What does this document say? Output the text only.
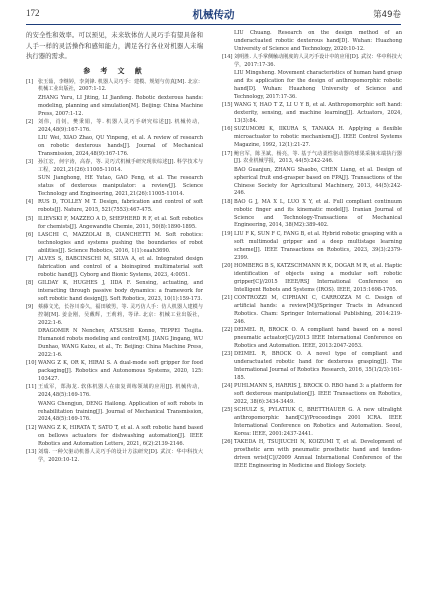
172	机械传动	第49卷

的安全性和效率。可以预见，未来软体仿人灵巧手有望具备和人手一样的灵活操作和感知能力，满足各行各业对机器人末端执行器的需求。

参 考 文 献
[1] 张玉茹，李继婷，李剑锋. 机器人灵巧手：建模、规划与仿真[M]. 北京：机械工业出版社，2007:1-12.
ZHANG Yuru, LI Jiting, LI Jianfeng. Robotic dexterous hands: modeling, planning and simulation[M]. Beijing: China Machine Press, 2007:1-12.
[2] 刘伟，肖钊，樊秉娟，等. 机器人灵巧手研究综述[J]. 机械传动，2024,48(9):167-176.
LIU Wei, XIAO Zhao, QU Yinpeng, et al. A review of research on robotic dexterous hands[J]. Journal of Mechanical Transmission, 2024,48(9):167-176.
[3] 孙江宏，何宇涛，高春，等. 灵巧式机械手研究现状综述[J]. 科学技术与工程，2021,21(26):11005-11014.
SUN Jianghong, HE Yutao, GAO Feng, et al. The research status of dexterous manipulator: a review[J]. Science Technology and Engineering, 2021,21(26):11005-11014.
[4] RUS D, TOLLEY M T. Design, fabrication and control of soft robots[J]. Nature, 2015, 521(7553):467-475.
[5] ILIEVSKI F, MAZZEO A D, SHEPHERD R F, et al. Soft robotics for chemists[J]. Angewandte Chemie, 2011, 50(8):1890-1895.
[6] LASCHI C, MAZZOLAI B, CIANCHETTI M. Soft robotics: technologies and systems pushing the boundaries of robot abilities[J]. Science Robotics, 2016, 1(1):eaah3690.
[7] ALVES S, BABCINSCHI M, SILVA A, et al. Integrated design fabrication and control of a bioinspired multimaterial soft robotic hand[J]. Cyborg and Bionic Systems, 2023, 4:0051.
[8] GILDAY K, HUGHES J, IIDA F. Sensing, actuating, and interacting through passive body dynamics: a framework for soft robotic hand design[J]. Soft Robotics, 2023, 10(1):159-173.
[9] 蔡藤文光，长谷川泰久，福田敏男，等. 灵巧仿人手：仿人机器人建模与控制[M]. 姜金刚，吴戴辉，王莉莉，等译. 北京：机械工业出版社，2022:1-6.
DRAGOMIR N Nenchev, ATSUSHI Konno, TEPPEI Tsujita. Humanoid robots modeling and control[M]. JIANG Jingang, WU Dunhao, WANG Kaixu, et al., Tr. Beijing: China Machine Press, 2022:1-6.
[10] WANG Z K, OR K, HIRAI S. A dual-mode soft gripper for food packaging[J]. Robotics and Autonomous Systems, 2020, 125: 103427.
[11] 王成军，郑海龙. 软体机器人在康复训练领域的应用[J]. 机械传动，2024,48(5):169-176.
WANG Chengjun, DENG Hailong. Application of soft robots in rehabilitation training[J]. Journal of Mechanical Transmission, 2024,48(5):169-176.
[12] WANG Z K, HIRATA T, SATO T, et al. A soft robotic hand based on bellows actuators for dishwashing automation[J]. IEEE Robotics and Automation Letters, 2021, 6(2):2139-2146.
[13] 刘瑞. 一种欠驱动机器人灵巧手的设计方法研究[D]. 武汉：华中科技大学，2020:10-12.
LIU Chuang. Research on the design method of an underactuated robotic dexterous hand[D]. Wuhan: Huazhong University of Science and Technology, 2020:10-12.
[14] 刘明胜. 人手掌侧触动刚度的人灵巧手设计中的应用[D]. 武汉：华中科技大学，2017:17-36.
LIU Mingsheng. Movement characteristics of human hand grasp and its application for the design of anthropomorphic robotic hand[D]. Wuhan: Huazhong University of Science and Technology, 2017:17-36.
[15] WANG Y, HAO T Z, LI U Y B, et al. Anthropomorphic soft hand: dexterity, sensing, and machine learning[J]. Actuators, 2024, 13(3):84.
[16] SUZUMORI K, IIKURA S, TANAKA H. Applying a flexible microactuator to robotic mechanisms[J]. IEEE Control Systems Magazine, 1992, 12(1):21-27.
[17] 鲍官军，陈圣斌，杨亮，等. 基于气动柔性驱动器的球果采摘末端执行器[J]. 农业机械学报，2013, 44(5):242-246.
BAO Guanjun, ZHANG Shaobo, CHEN Liang, et al. Design of spherical fruit end-grasper based on FPA[J]. Transactions of the Chinese Society for Agricultural Machinery, 2013, 44(5):242-246.
[18] BAO G J, MA X L, LUO X Y, et al. Full compliant continuum robotic finger and its kinematic model[J]. Iranian Journal of Science and Technology-Transactions of Mechanical Engineering, 2014, 38(M2):389-402.
[19] LIU F K, SUN F C, FANG B, et al. Hybrid robotic grasping with a soft multimodal gripper and a deep multistage learning scheme[J]. IEEE Transactions on Robotics, 2023, 39(3):2379-2399.
[20] HOMBERG B S, KATZSCHMANN R K, DOGAR M R, et al. Haptic identification of objects using a modular soft robotic gripper[C]//2015 IEEE/RSJ International Conference on Intelligent Robots and Systems (IROS). IEEE, 2015:1698-1705.
[21] CONTROZZI M, CIPRIANI C, CARROZZA M C. Design of artificial hands: a review[M]//Springer Tracts in Advanced Robotics. Cham: Springer International Publishing, 2014:219-246.
[22] DEIMEL R, BROCK O. A compliant hand based on a novel pneumatic actuator[C]//2013 IEEE International Conference on Robotics and Automation. IEEE, 2013:2047-2053.
[23] DEIMEL R, BROCK O. A novel type of compliant and underactuated robotic hand for dexterous grasping[J]. The International Journal of Robotics Research, 2016, 35(1/2/3):161-185.
[24] PUHLMANN S, HARRIS J, BROCK O. RBO hand 3: a platform for soft dexterous manipulation[J]. IEEE Transactions on Robotics, 2022, 38(6):3434-3449.
[25] SCHULZ S, PYLATIUK C, BRETTHAUER G. A new ultralight anthropomorphic hand[C]//Proceedings 2001 ICRA. IEEE International Conference on Robotics and Automation. Seoul, Korea: IEEE, 2001:2437-2441.
[26] TAKEDA H, TSUJIUCHI N, KOIZUMI T, et al. Development of prosthetic arm with pneumatic prosthetic hand and tendon-driven wrist[C]//2009 Annual International Conference of the IEEE Engineering in Medicine and Biology Society.
